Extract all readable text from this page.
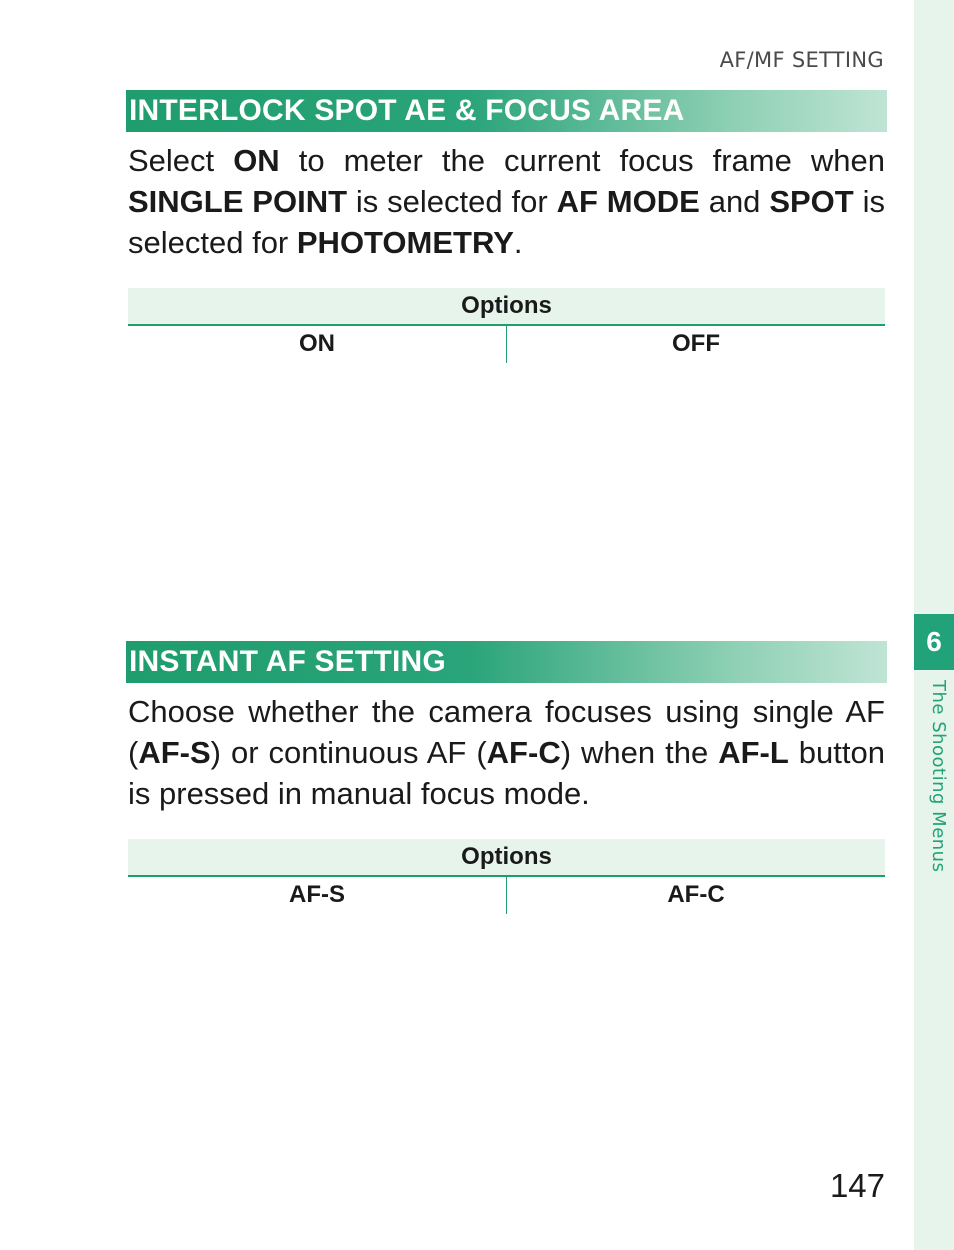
6
The Shooting Menus
AF/MF SETTING
INTERLOCK SPOT AE & FOCUS AREA
Select ON to meter the current focus frame when SINGLE POINT is selected for AF MODE and SPOT is selected for PHOTOMETRY.
Options
ON	OFF
INSTANT AF SETTING
Choose whether the camera focuses using single AF (AF-S) or continuous AF (AF-C) when the AF-L button is pressed in manual focus mode.
Options
AF-S	AF-C
147
